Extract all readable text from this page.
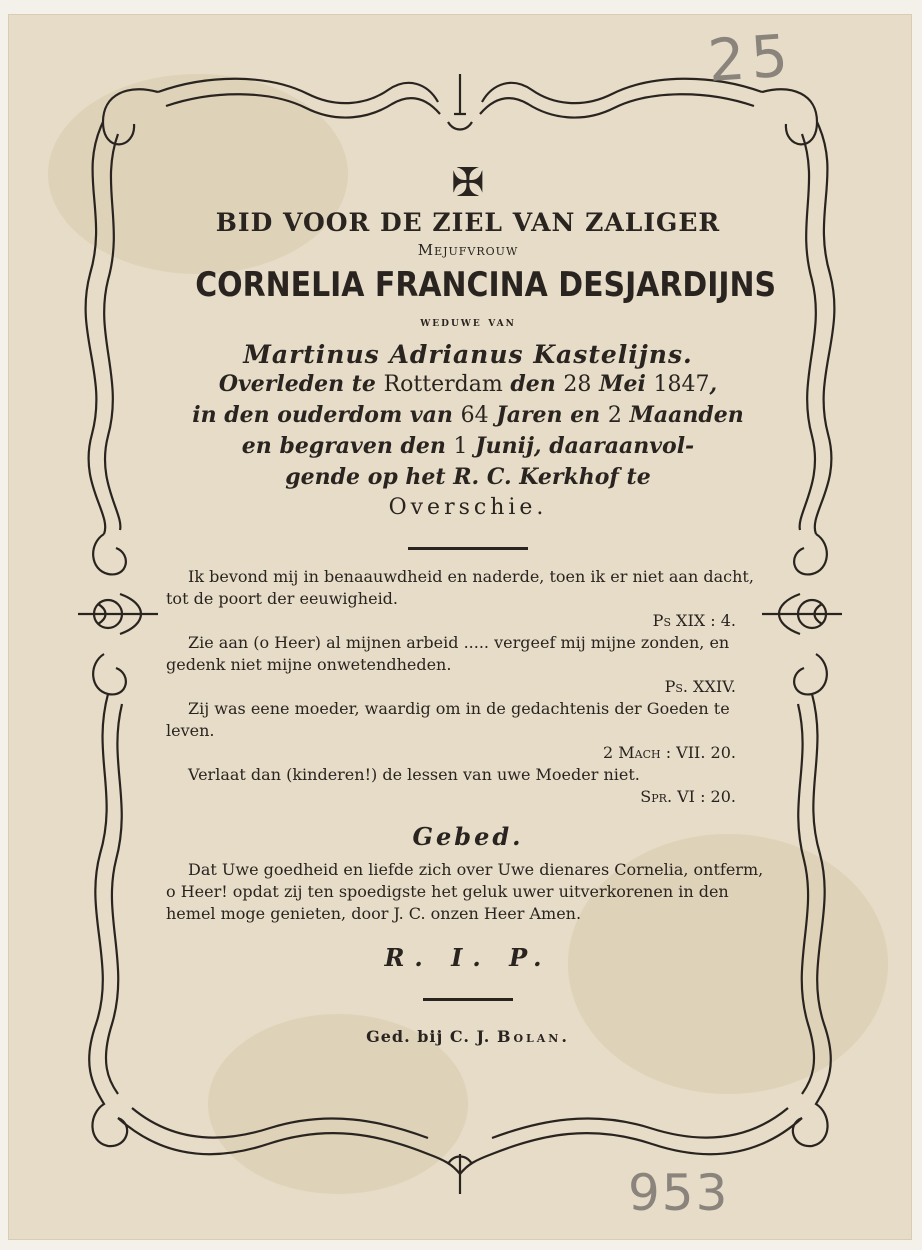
25
953
✠
BID VOOR DE ZIEL VAN ZALIGER
Mejufvrouw
CORNELIA FRANCINA DESJARDIJNS
weduwe van
Martinus Adrianus Kastelijns.
Overleden te Rotterdam den 28 Mei 1847,
in den ouderdom van 64 Jaren en 2 Maanden
en begraven den 1 Junij, daaraanvol-
gende op het R. C. Kerkhof te
Overschie.
Ik bevond mij in benaauwdheid en naderde, toen ik er niet aan dacht, tot de poort der eeuwigheid.
Ps XIX : 4.
Zie aan (o Heer) al mijnen arbeid ..... vergeef mij mijne zonden, en gedenk niet mijne onwetendheden.
Ps. XXIV.
Zij was eene moeder, waardig om in de gedachtenis der Goeden te leven.
2 Mach : VII. 20.
Verlaat dan (kinderen!) de lessen van uwe Moeder niet.
Spr. VI : 20.
Gebed.
Dat Uwe goedheid en liefde zich over Uwe dienares Cornelia, ontferm, o Heer! opdat zij ten spoedigste het geluk uwer uitverkorenen in den hemel moge genieten, door J. C. onzen Heer Amen.
R. I. P.
Ged. bij C. J. Bolan.
